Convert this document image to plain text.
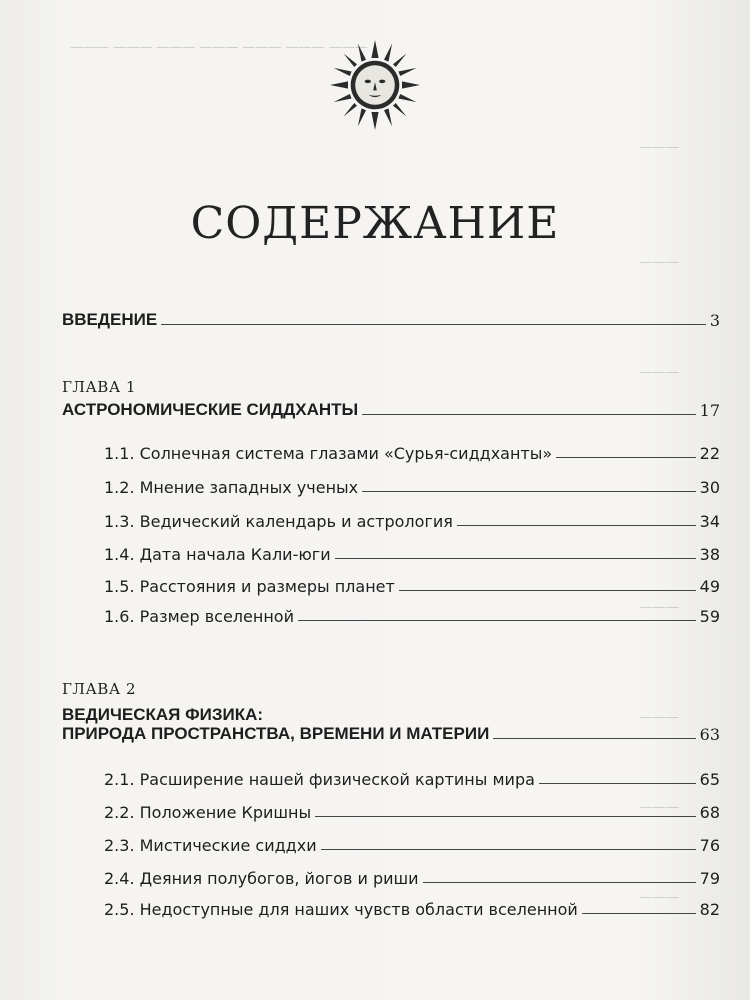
——— ——— ——— ——— ——— ——— ———
———
———
———
———
———
———
———
СОДЕРЖАНИЕ
ВВЕДЕНИЕ	3
ГЛАВА 1
АСТРОНОМИЧЕСКИЕ СИДДХАНТЫ	17
1.1. Солнечная система глазами «Сурья-сиддханты»	22
1.2. Мнение западных ученых	30
1.3. Ведический календарь и астрология	34
1.4. Дата начала Кали-юги	38
1.5. Расстояния и размеры планет	49
1.6. Размер вселенной	59
ГЛАВА 2
ВЕДИЧЕСКАЯ ФИЗИКА:
ПРИРОДА ПРОСТРАНСТВА, ВРЕМЕНИ И МАТЕРИИ	63
2.1. Расширение нашей физической картины мира	65
2.2. Положение Кришны	68
2.3. Мистические сиддхи	76
2.4. Деяния полубогов, йогов и риши	79
2.5. Недоступные для наших чувств области вселенной	82
